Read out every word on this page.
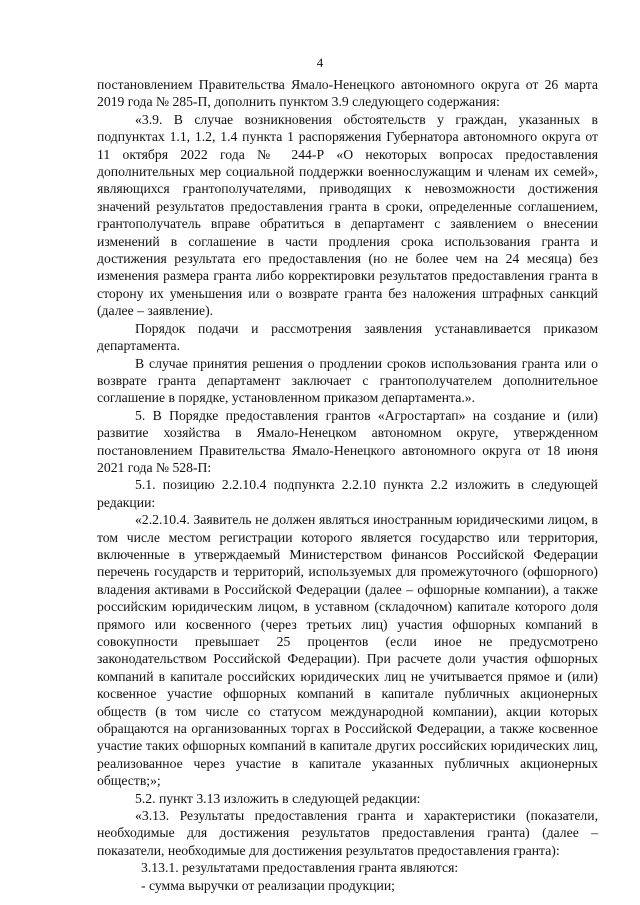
4

постановлением Правительства Ямало-Ненецкого автономного округа от 26 марта 2019 года № 285-П, дополнить пунктом 3.9 следующего содержания:

«3.9. В случае возникновения обстоятельств у граждан, указанных в подпунктах 1.1, 1.2, 1.4 пункта 1 распоряжения Губернатора автономного округа от 11 октября 2022 года № 244-Р «О некоторых вопросах предоставления дополнительных мер социальной поддержки военнослужащим и членам их семей», являющихся грантополучателями, приводящих к невозможности достижения значений результатов предоставления гранта в сроки, определенные соглашением, грантополучатель вправе обратиться в департамент с заявлением о внесении изменений в соглашение в части продления срока использования гранта и достижения результата его предоставления (но не более чем на 24 месяца) без изменения размера гранта либо корректировки результатов предоставления гранта в сторону их уменьшения или о возврате гранта без наложения штрафных санкций (далее – заявление).

Порядок подачи и рассмотрения заявления устанавливается приказом департамента.

В случае принятия решения о продлении сроков использования гранта или о возврате гранта департамент заключает с грантополучателем дополнительное соглашение в порядке, установленном приказом департамента.».

5. В Порядке предоставления грантов «Агростартап» на создание и (или) развитие хозяйства в Ямало-Ненецком автономном округе, утвержденном постановлением Правительства Ямало-Ненецкого автономного округа от 18 июня 2021 года № 528-П:

5.1. позицию 2.2.10.4 подпункта 2.2.10 пункта 2.2 изложить в следующей редакции:

«2.2.10.4. Заявитель не должен являться иностранным юридическими лицом, в том числе местом регистрации которого является государство или территория, включенные в утверждаемый Министерством финансов Российской Федерации перечень государств и территорий, используемых для промежуточного (офшорного) владения активами в Российской Федерации (далее – офшорные компании), а также российским юридическим лицом, в уставном (складочном) капитале которого доля прямого или косвенного (через третьих лиц) участия офшорных компаний в совокупности превышает 25 процентов (если иное не предусмотрено законодательством Российской Федерации). При расчете доли участия офшорных компаний в капитале российских юридических лиц не учитывается прямое и (или) косвенное участие офшорных компаний в капитале публичных акционерных обществ (в том числе со статусом международной компании), акции которых обращаются на организованных торгах в Российской Федерации, а также косвенное участие таких офшорных компаний в капитале других российских юридических лиц, реализованное через участие в капитале указанных публичных акционерных обществ;»;

5.2. пункт 3.13 изложить в следующей редакции:

«3.13. Результаты предоставления гранта и характеристики (показатели, необходимые для достижения результатов предоставления гранта) (далее – показатели, необходимые для достижения результатов предоставления гранта):

3.13.1. результатами предоставления гранта являются:

- сумма выручки от реализации продукции;
